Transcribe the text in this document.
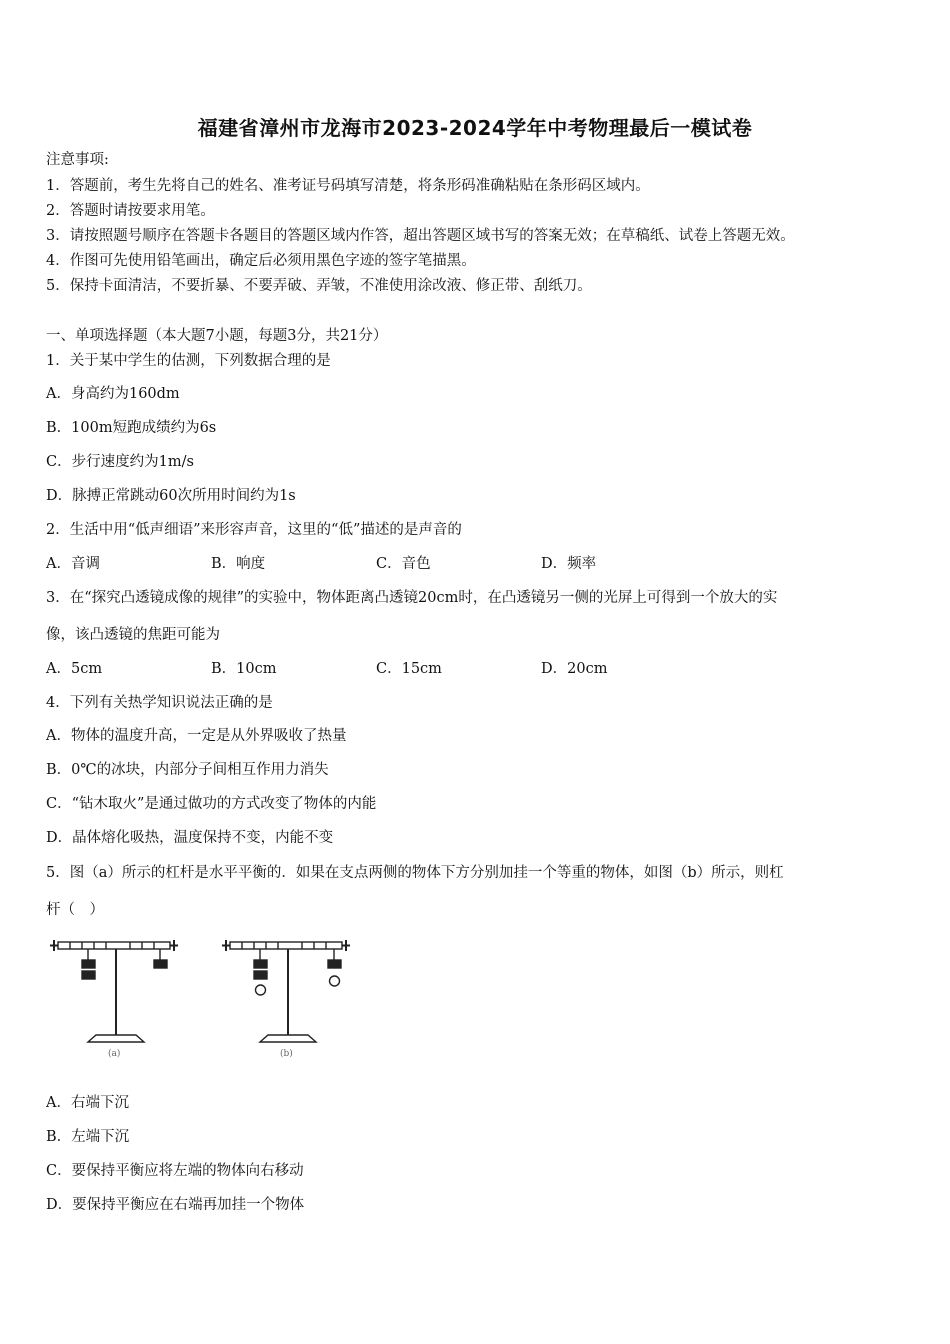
福建省漳州市龙海市2023-2024学年中考物理最后一模试卷
注意事项:
1．答题前，考生先将自己的姓名、准考证号码填写清楚，将条形码准确粘贴在条形码区域内。
2．答题时请按要求用笔。
3．请按照题号顺序在答题卡各题目的答题区域内作答，超出答题区域书写的答案无效；在草稿纸、试卷上答题无效。
4．作图可先使用铅笔画出，确定后必须用黑色字迹的签字笔描黑。
5．保持卡面清洁，不要折暴、不要弄破、弄皱，不准使用涂改液、修正带、刮纸刀。
一、单项选择题（本大题7小题，每题3分，共21分）
1．关于某中学生的估测，下列数据合理的是
A．身高约为160dm
B．100m短跑成绩约为6s
C．步行速度约为1m/s
D．脉搏正常跳动60次所用时间约为1s
2．生活中用“低声细语”来形容声音，这里的“低”描述的是声音的
A．音调	B．响度	C．音色	D．频率
3．在“探究凸透镜成像的规律”的实验中，物体距离凸透镜20cm时，在凸透镜另一侧的光屏上可得到一个放大的实
像，该凸透镜的焦距可能为
A．5cm	B．10cm	C．15cm	D．20cm
4．下列有关热学知识说法正确的是
A．物体的温度升高，一定是从外界吸收了热量
B．0℃的冰块，内部分子间相互作用力消失
C．“钻木取火”是通过做功的方式改变了物体的内能
D．晶体熔化吸热，温度保持不变，内能不变
5．图（a）所示的杠杆是水平平衡的．如果在支点两侧的物体下方分别加挂一个等重的物体，如图（b）所示，则杠
杆（　）
(a)	(b)
A．右端下沉
B．左端下沉
C．要保持平衡应将左端的物体向右移动
D．要保持平衡应在右端再加挂一个物体
